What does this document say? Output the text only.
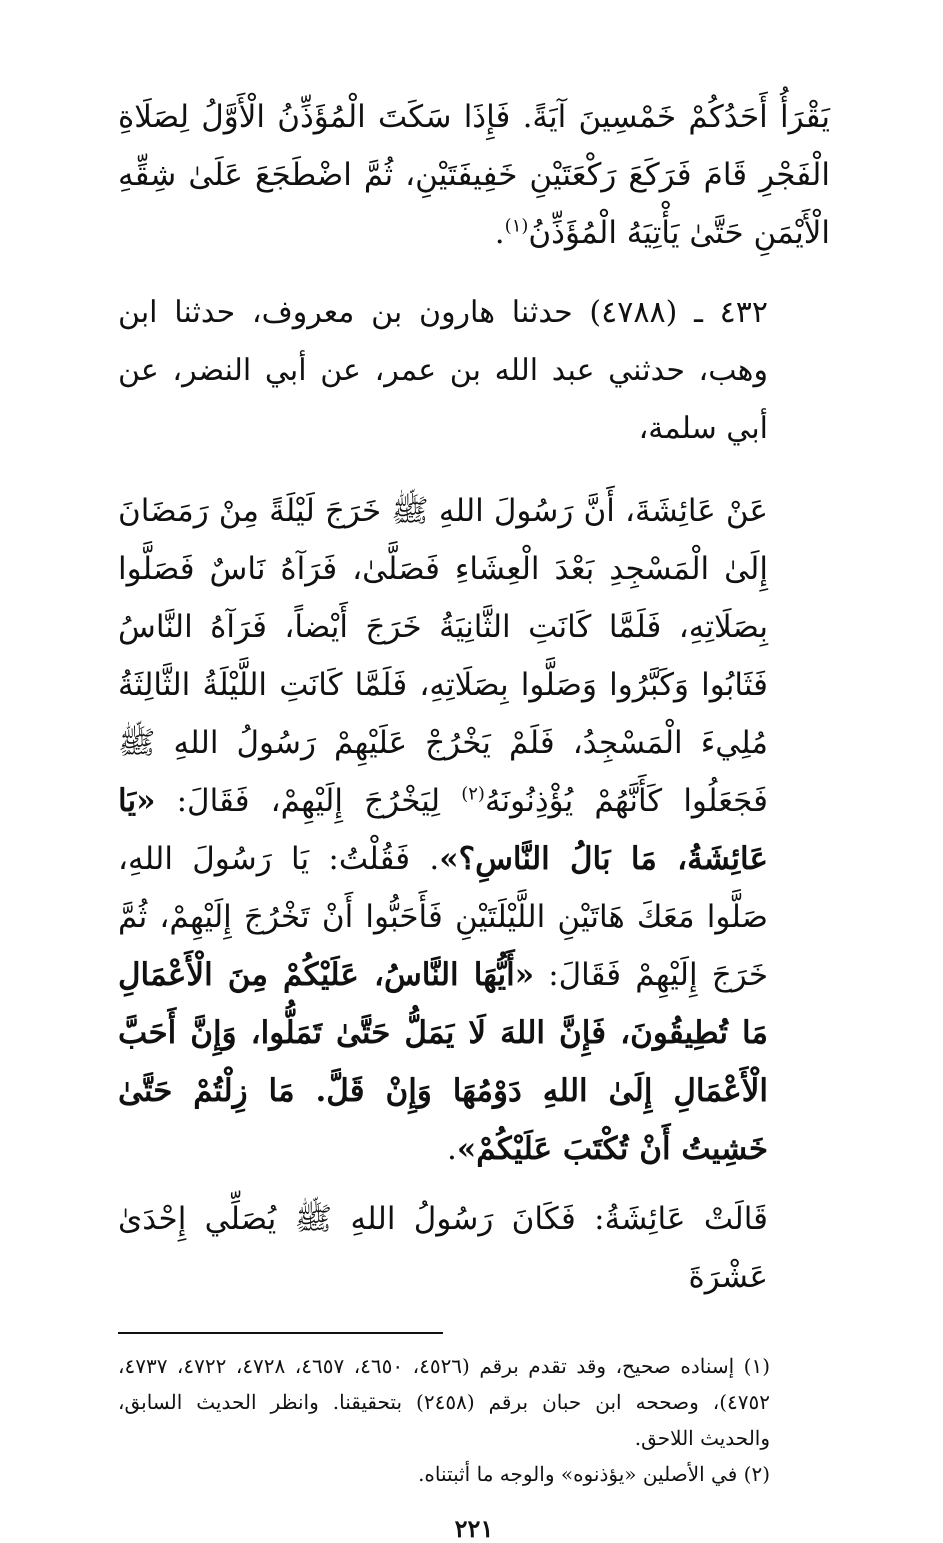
يَقْرَأُ أَحَدُكُمْ خَمْسِينَ آيَةً. فَإِذَا سَكَتَ الْمُؤَذِّنُ الْأَوَّلُ لِصَلَاةِ الْفَجْرِ قَامَ فَرَكَعَ رَكْعَتَيْنِ خَفِيفَتَيْنِ، ثُمَّ اضْطَجَعَ عَلَىٰ شِقِّهِ الْأَيْمَنِ حَتَّىٰ يَأْتِيَهُ الْمُؤَذِّنُ$^{(١)}$.

٤٣٢ ـ (٤٧٨٨) حدثنا هارون بن معروف، حدثنا ابن وهب، حدثني عبد الله بن عمر، عن أبي النضر، عن أبي سلمة،

عَنْ عَائِشَةَ، أَنَّ رَسُولَ اللهِ ﷺ خَرَجَ لَيْلَةً مِنْ رَمَضَانَ إِلَىٰ الْمَسْجِدِ بَعْدَ الْعِشَاءِ فَصَلَّىٰ، فَرَآهُ نَاسٌ فَصَلَّوا بِصَلَاتِهِ، فَلَمَّا كَانَتِ الثَّانِيَةُ خَرَجَ أَيْضاً، فَرَآهُ النَّاسُ فَثَابُوا وَكَبَّرُوا وَصَلَّوا بِصَلَاتِهِ، فَلَمَّا كَانَتِ اللَّيْلَةُ الثَّالِثَةُ مُلِيءَ الْمَسْجِدُ، فَلَمْ يَخْرُجْ عَلَيْهِمْ رَسُولُ اللهِ ﷺ فَجَعَلُوا كَأَنَّهُمْ يُؤْذِنُونَهُ$^{(٢)}$ لِيَخْرُجَ إِلَيْهِمْ، فَقَالَ: «يَا عَائِشَةُ، مَا بَالُ النَّاسِ؟». فَقُلْتُ: يَا رَسُولَ اللهِ، صَلَّوا مَعَكَ هَاتَيْنِ اللَّيْلَتَيْنِ فَأَحَبُّوا أَنْ تَخْرُجَ إِلَيْهِمْ، ثُمَّ خَرَجَ إِلَيْهِمْ فَقَالَ: «أَيُّهَا النَّاسُ، عَلَيْكُمْ مِنَ الْأَعْمَالِ مَا تُطِيقُونَ، فَإِنَّ اللهَ لَا يَمَلُّ حَتَّىٰ تَمَلُّوا، وَإِنَّ أَحَبَّ الْأَعْمَالِ إِلَىٰ اللهِ دَوْمُهَا وَإِنْ قَلَّ. مَا زِلْتُمْ حَتَّىٰ خَشِيتُ أَنْ تُكْتَبَ عَلَيْكُمْ».

قَالَتْ عَائِشَةُ: فَكَانَ رَسُولُ اللهِ ﷺ يُصَلِّي إِحْدَىٰ عَشْرَةَ

(١) إسناده صحيح، وقد تقدم برقم (٤٥٢٦، ٤٦٥٠، ٤٦٥٧، ٤٧٢٨، ٤٧٢٢، ٤٧٣٧، ٤٧٥٢)، وصححه ابن حبان برقم (٢٤٥٨) بتحقيقنا. وانظر الحديث السابق، والحديث اللاحق.

(٢) في الأصلين «يؤذنوه» والوجه ما أثبتناه.

٢٢١
